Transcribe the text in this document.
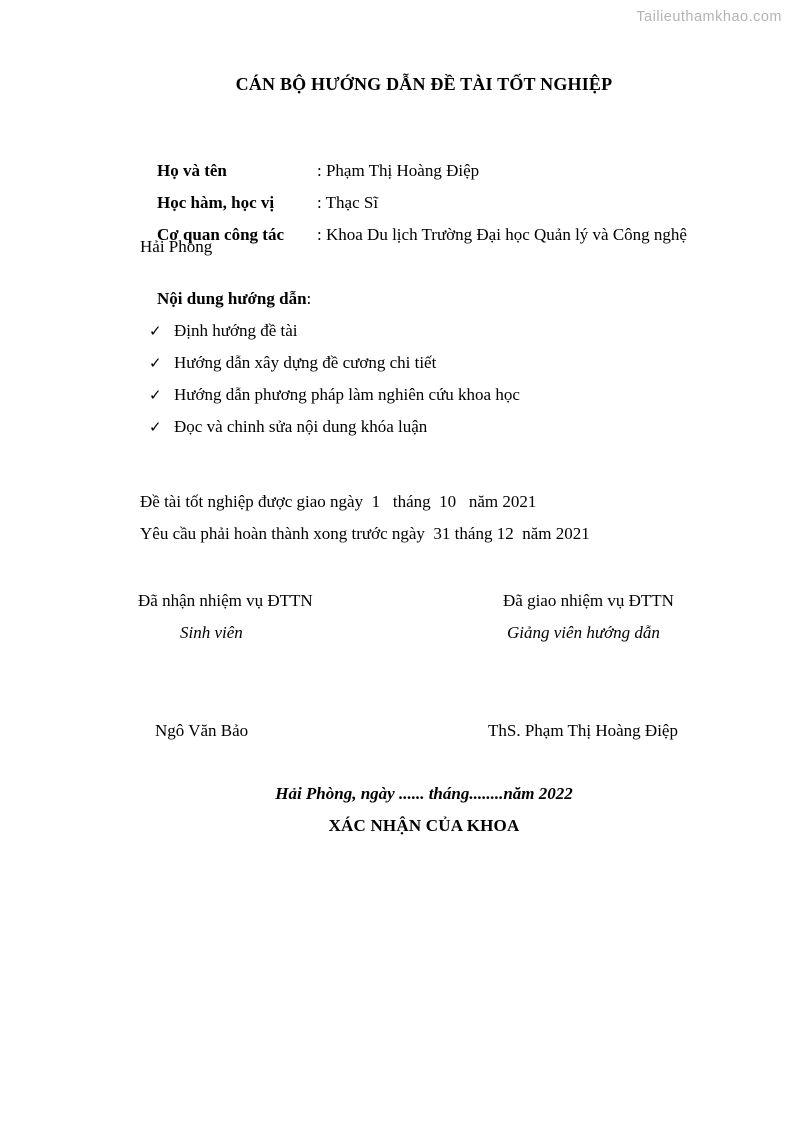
Tailieuthamkhao.com
CÁN BỘ HƯỚNG DẪN ĐỀ TÀI TỐT NGHIỆP

Họ và tên	: Phạm Thị Hoàng Điệp

Học hàm, học vị	: Thạc Sĩ

Cơ quan công tác : Khoa Du lịch Trường Đại học Quản lý và Công nghệ

Hải Phòng

Nội dung hướng dẫn:

✓ Định hướng đề tài

✓ Hướng dẫn xây dựng đề cương chi tiết

✓ Hướng dẫn phương pháp làm nghiên cứu khoa học

✓ Đọc và chinh sửa nội dung khóa luận

Đề tài tốt nghiệp được giao ngày  1   tháng  10   năm 2021
Yêu cầu phải hoàn thành xong trước ngày  31 tháng 12  năm 2021
Đã nhận nhiệm vụ ĐTTN	Đã giao nhiệm vụ ĐTTN
Sinh viên	Giảng viên hướng dẫn
Ngô Văn Bảo	ThS. Phạm Thị Hoàng Điệp
Hải Phòng, ngày ...... tháng........năm 2022
XÁC NHẬN CỦA KHOA
